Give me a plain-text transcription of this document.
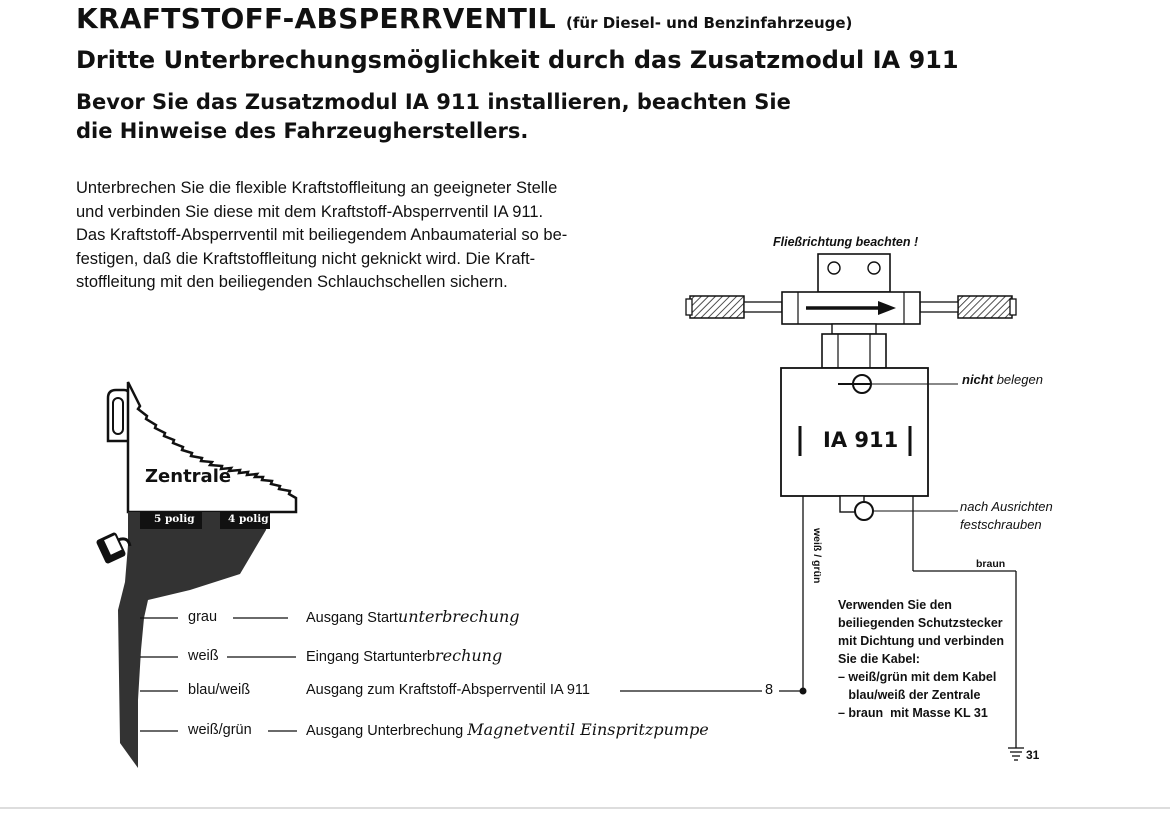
KRAFTSTOFF-ABSPERRVENTIL (für Diesel- und Benzinfahrzeuge)
Dritte Unterbrechungsmöglichkeit durch das Zusatzmodul IA 911
Bevor Sie das Zusatzmodul IA 911 installieren, beachten Sie
die Hinweise des Fahrzeugherstellers.
Unterbrechen Sie die flexible Kraftstoffleitung an geeigneter Stelle
und verbinden Sie diese mit dem Kraftstoff-Absperrventil IA 911.
Das Kraftstoff-Absperrventil mit beiliegendem Anbaumaterial so be-
festigen, daß die Kraftstoffleitung nicht geknickt wird. Die Kraft-
stoffleitung mit den beiliegenden Schlauchschellen sichern.
Zentrale
5 polig	4 polig
grau	Ausgang Startunterbrechung
weiß	Eingang Startunterbrechung
blau/weiß	Ausgang zum Kraftstoff-Absperrventil IA 911
weiß/grün	Ausgang Unterbrechung Magnetventil Einspritzpumpe
8
Fließrichtung beachten !
IA 911
nicht belegen
nach Ausrichten
festschrauben
weiß / grün	braun
Verwenden Sie den
beiliegenden Schutzstecker
mit Dichtung und verbinden
Sie die Kabel:
– weiß/grün mit dem Kabel
blau/weiß der Zentrale
– braun  mit Masse KL 31
31
